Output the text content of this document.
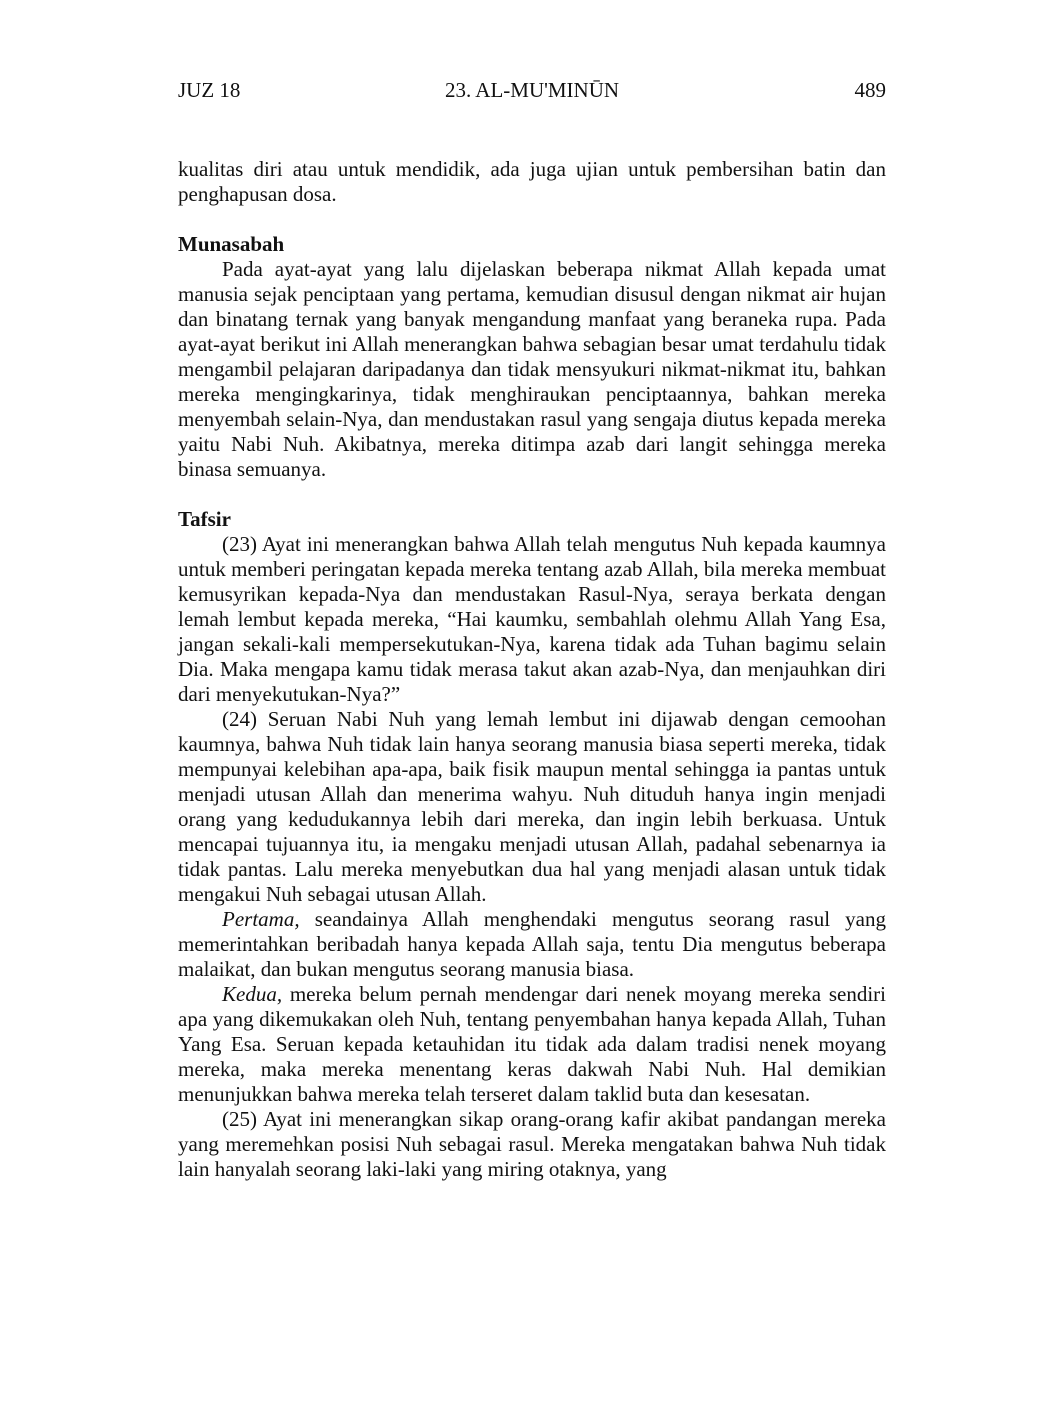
JUZ 18	23. AL-MU'MINŪN	489

kualitas diri atau untuk mendidik, ada juga ujian untuk pembersihan batin dan penghapusan dosa.

Munasabah

Pada ayat-ayat yang lalu dijelaskan beberapa nikmat Allah kepada umat manusia sejak penciptaan yang pertama, kemudian disusul dengan nikmat air hujan dan binatang ternak yang banyak mengandung manfaat yang beraneka rupa. Pada ayat-ayat berikut ini Allah menerangkan bahwa sebagian besar umat terdahulu tidak mengambil pelajaran daripadanya dan tidak mensyukuri nikmat-nikmat itu, bahkan mereka mengingkarinya, tidak menghiraukan penciptaannya, bahkan mereka menyembah selain-Nya, dan mendustakan rasul yang sengaja diutus kepada mereka yaitu Nabi Nuh. Akibatnya, mereka ditimpa azab dari langit sehingga mereka binasa semuanya.

Tafsir

(23) Ayat ini menerangkan bahwa Allah telah mengutus Nuh kepada kaumnya untuk memberi peringatan kepada mereka tentang azab Allah, bila mereka membuat kemusyrikan kepada-Nya dan mendustakan Rasul-Nya, seraya berkata dengan lemah lembut kepada mereka, “Hai kaumku, sembahlah olehmu Allah Yang Esa, jangan sekali-kali mempersekutukan-Nya, karena tidak ada Tuhan bagimu selain Dia. Maka mengapa kamu tidak merasa takut akan azab-Nya, dan menjauhkan diri dari menyekutukan-Nya?”

(24) Seruan Nabi Nuh yang lemah lembut ini dijawab dengan cemoohan kaumnya, bahwa Nuh tidak lain hanya seorang manusia biasa seperti mereka, tidak mempunyai kelebihan apa-apa, baik fisik maupun mental sehingga ia pantas untuk menjadi utusan Allah dan menerima wahyu. Nuh dituduh hanya ingin menjadi orang yang kedudukannya lebih dari mereka, dan ingin lebih berkuasa. Untuk mencapai tujuannya itu, ia mengaku menjadi utusan Allah, padahal sebenarnya ia tidak pantas. Lalu mereka menyebutkan dua hal yang menjadi alasan untuk tidak mengakui Nuh sebagai utusan Allah.

Pertama, seandainya Allah menghendaki mengutus seorang rasul yang memerintahkan beribadah hanya kepada Allah saja, tentu Dia mengutus beberapa malaikat, dan bukan mengutus seorang manusia biasa.

Kedua, mereka belum pernah mendengar dari nenek moyang mereka sendiri apa yang dikemukakan oleh Nuh, tentang penyembahan hanya kepada Allah, Tuhan Yang Esa. Seruan kepada ketauhidan itu tidak ada dalam tradisi nenek moyang mereka, maka mereka menentang keras dakwah Nabi Nuh. Hal demikian menunjukkan bahwa mereka telah terseret dalam taklid buta dan kesesatan.

(25) Ayat ini menerangkan sikap orang-orang kafir akibat pandangan mereka yang meremehkan posisi Nuh sebagai rasul. Mereka mengatakan bahwa Nuh tidak lain hanyalah seorang laki-laki yang miring otaknya, yang
